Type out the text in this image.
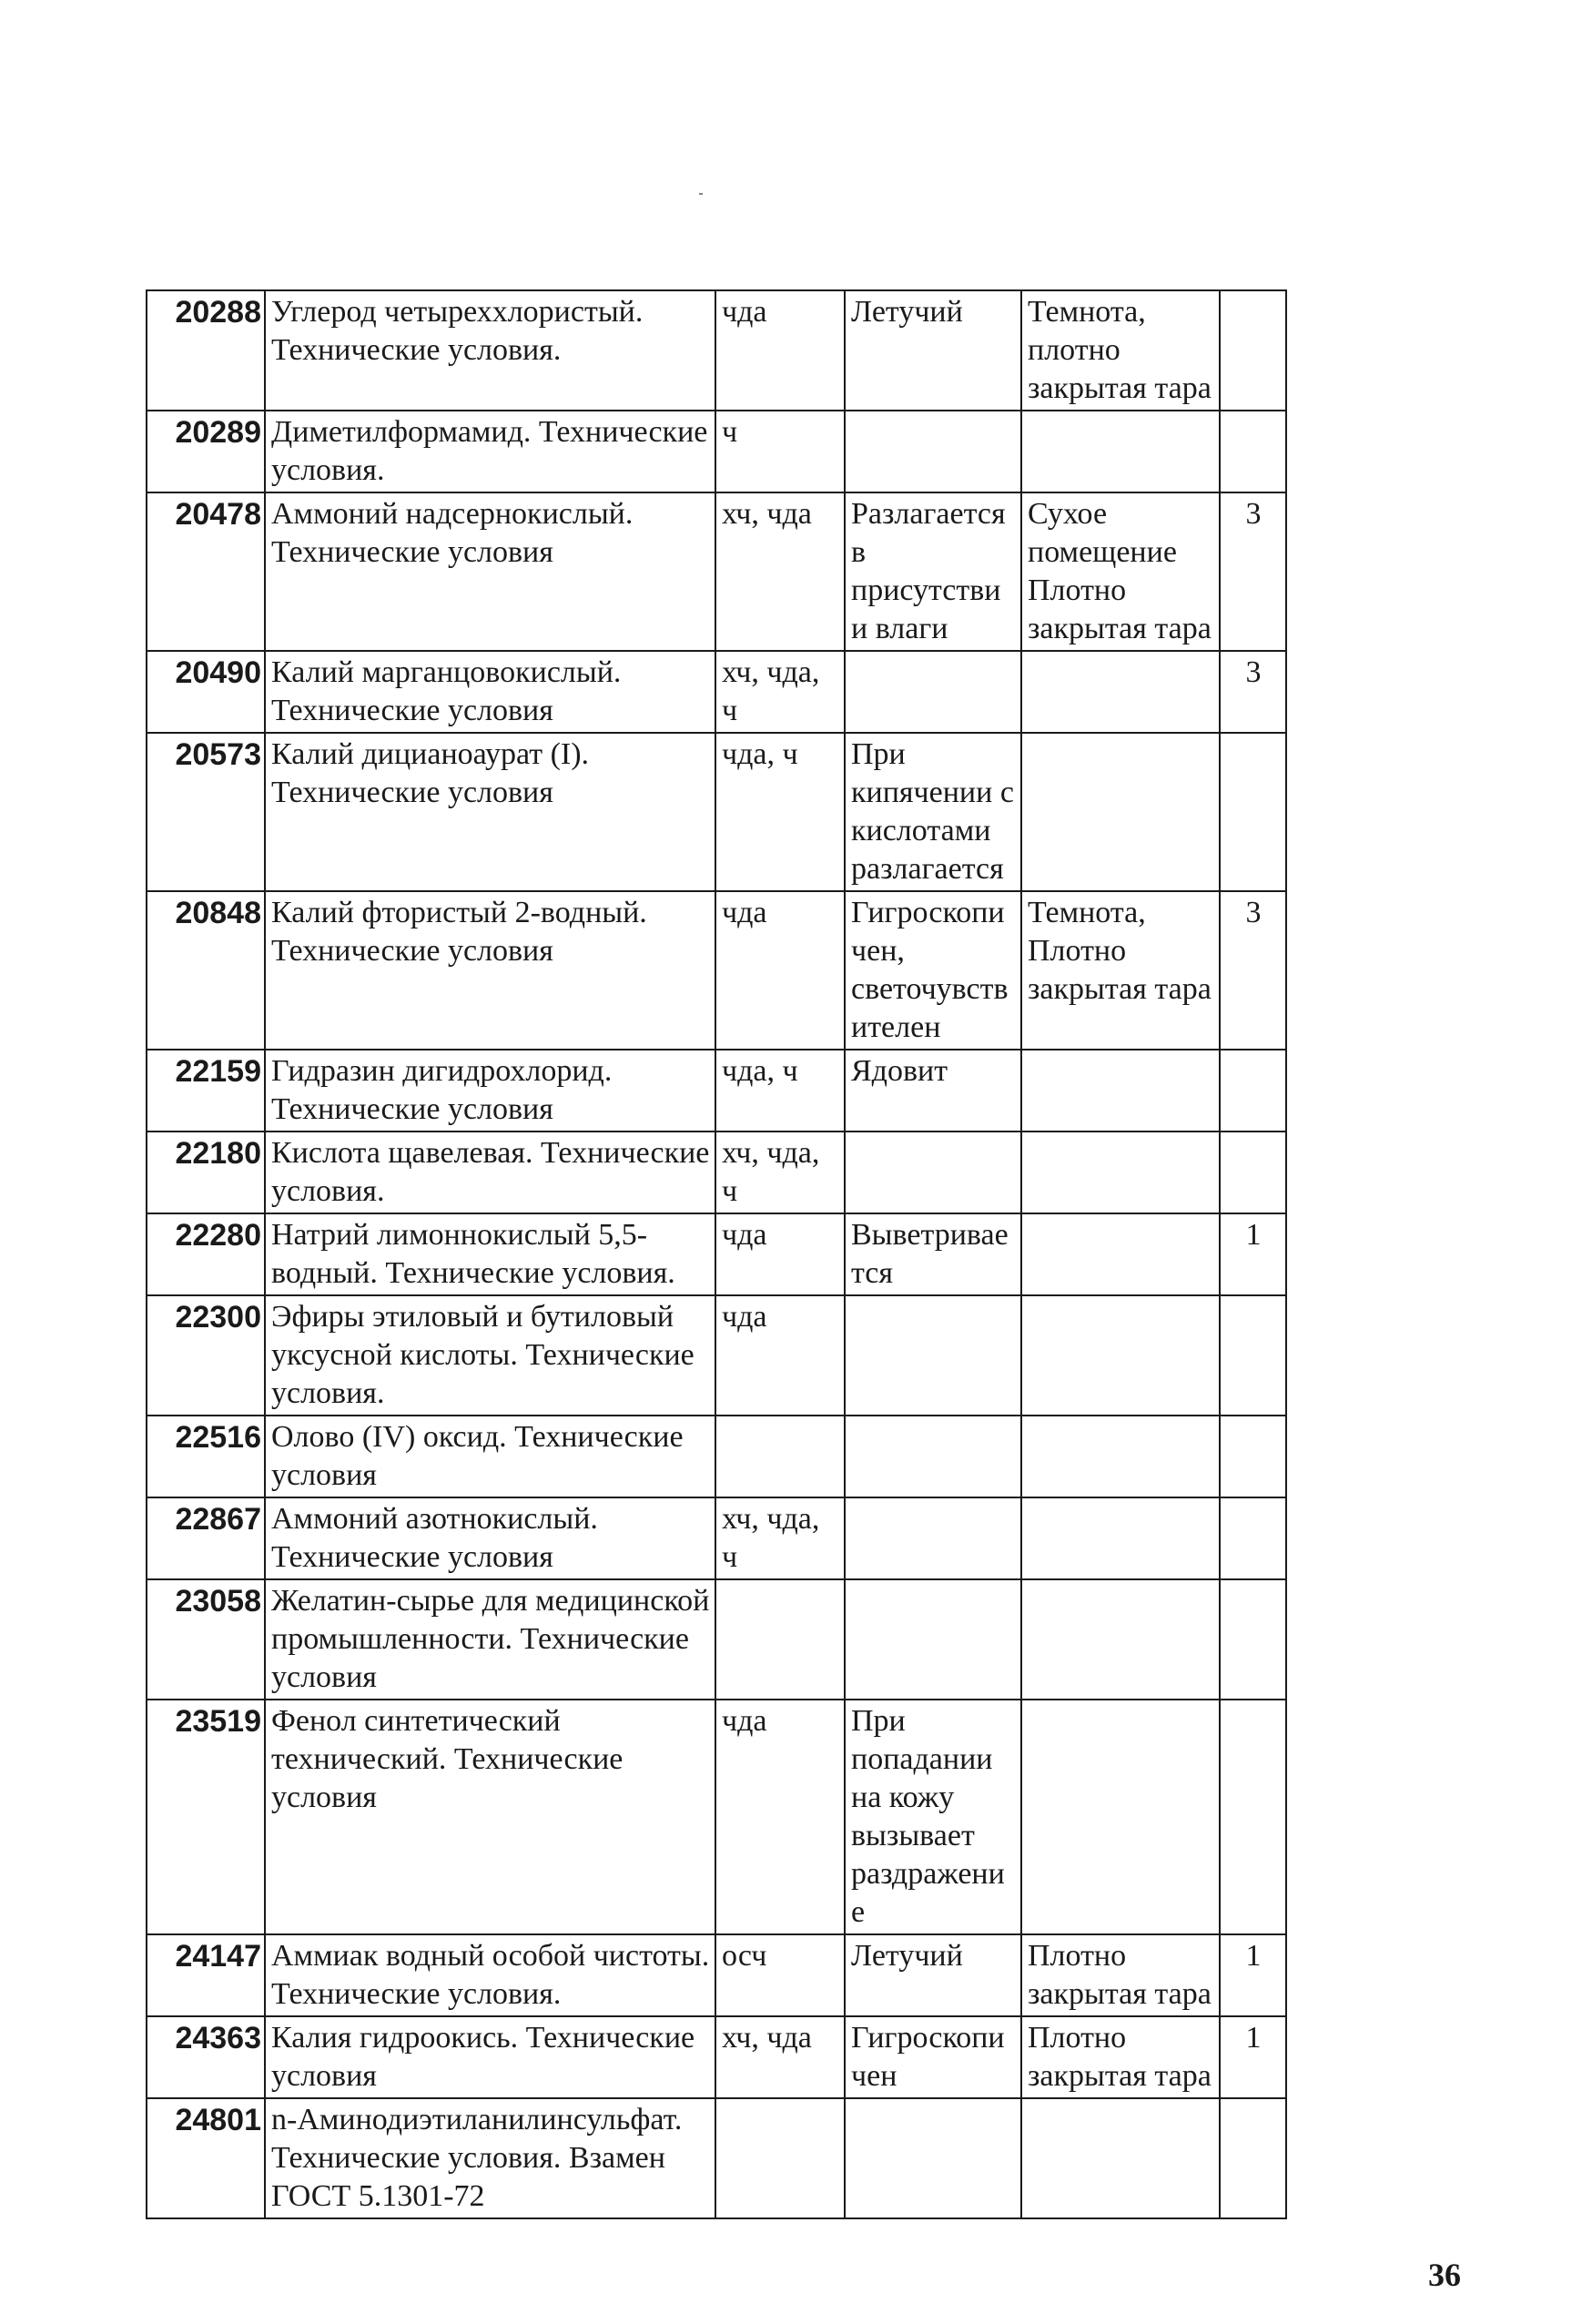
20288	Углерод четыреххлористый. Технические условия.	чда	Летучий	Темнота, плотно закрытая тара	
20289	Диметилформамид. Технические условия.	ч			
20478	Аммоний надсернокислый. Технические условия	хч, чда	Разлагается в присутствии влаги	Сухое помещение Плотно закрытая тара	3
20490	Калий марганцовокислый. Технические условия	хч, чда, ч			3
20573	Калий дицианоаурат (I). Технические условия	чда, ч	При кипячении с кислотами разлагается		
20848	Калий фтористый 2-водный. Технические условия	чда	Гигроскопичен, светочувствителен	Темнота, Плотно закрытая тара	3
22159	Гидразин дигидрохлорид. Технические условия	чда, ч	Ядовит		
22180	Кислота щавелевая. Технические условия.	хч, чда, ч			
22280	Натрий лимоннокислый 5,5-водный. Технические условия.	чда	Выветривается		1
22300	Эфиры этиловый и бутиловый уксусной кислоты. Технические условия.	чда			
22516	Олово (IV) оксид. Технические условия				
22867	Аммоний азотнокислый. Технические условия	хч, чда, ч			
23058	Желатин-сырье для медицинской промышленности. Технические условия				
23519	Фенол синтетический технический. Технические условия	чда	При попадании на кожу вызывает раздражение		
24147	Аммиак водный особой чистоты. Технические условия.	осч	Летучий	Плотно закрытая тара	1
24363	Калия гидроокись. Технические условия	хч, чда	Гигроскопичен	Плотно закрытая тара	1
24801	n-Аминодиэтиланилинсульфат. Технические условия. Взамен ГОСТ 5.1301-72				
36
